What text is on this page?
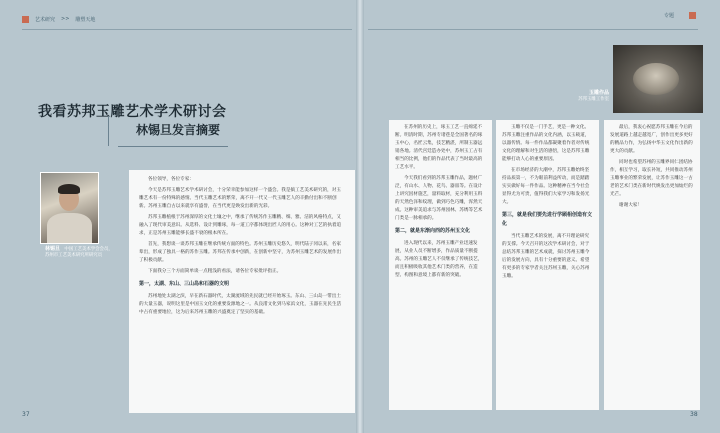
艺术研究 >> 雕塑天地
专题
我看苏邦玉雕艺术学术研讨会
林锡旦发言摘要
林锡旦 中国工艺美术学会会员，苏州市工艺美术研究所研究员

各位领导，各位专家：

今天是苏邦玉雕艺术学术研讨会，十分荣幸能参加这样一个盛会。我是搞工艺美术研究的，对玉雕艺术有一份特殊的感情。当代玉雕艺术的繁荣，离不开一代又一代玉雕艺人的辛勤付出和不断创新。苏州玉雕自古以来就享有盛誉，在当代更是焕发出新的光彩。

苏邦玉雕植根于苏州深厚的文化土壤之中，继承了传统苏作玉雕精、细、雅、洁的风格特点，又融入了现代审美意识。从选料、设计到雕琢，每一道工序都体现出匠人的用心。这种对工艺的执着追求，正是苏州玉雕能够长盛不衰的根本所在。

首先，我想谈一谈苏邦玉雕在继承传统方面的特色。苏州玉雕历史悠久，明代陆子冈以来，名家辈出，形成了独具一格的苏作玉雕。苏邦在传承中创新，在创新中坚守，为苏州玉雕艺术的发展作出了积极贡献。

下面我分三个方面简单谈一点粗浅的看法，请各位专家批评指正。

第一，太湖、东山、三山岛和石器的文明

苏州地处太湖之滨，早在新石器时代，太湖流域的先民就已经开始琢玉。东山、三山岛一带出土的大量玉器，说明这里是中国玉文化的重要发源地之一。从良渚文化到马家浜文化，玉器在先民生活中占有重要地位，这为后来苏州玉雕的兴盛奠定了坚实的基础。

在苏州的历史上，琢玉工艺一直绵延不断。明清时期，苏州专诸巷是全国著名的琢玉中心，名匠云集，技艺精湛，所制玉器远销各地。清代宫廷造办处中，苏州玉工占有相当的比例，他们的作品代表了当时最高的工艺水平。

今天我们看到的苏邦玉雕作品，题材广泛，有山水、人物、花鸟、器皿等。在设计上讲究因材施艺，量料取材，充分利用玉料的天然色泽和纹理，做到巧色巧雕，浑然天成。这种审美追求与苏州园林、苏绣等艺术门类是一脉相承的。

第二，就是东渐向西的苏州玉文化

进入现代以来，苏州玉雕产业迅速发展，从业人员不断增多，作品质量不断提高。苏州的玉雕艺人不仅继承了传统技艺，而且积极吸收其他艺术门类的营养，在造型、构图和意境上都有新的突破。

玉雕不仅是一门手艺，更是一种文化。苏邦玉雕注重作品的文化内涵，以玉载道，以器传情。每一件作品都凝聚着作者对传统文化的理解和对生活的感悟，这是苏邦玉雕能够打动人心的重要原因。

在市场经济的大潮中，苏邦玉雕始终坚持品质第一，不为眼前利益所动，而是踏踏实实做好每一件作品。这种精神在当今社会显得尤为可贵，值得我们大家学习和发扬光大。

第三，就是我们要先进行学顾相创造有文化

当代玉雕艺术的发展，离不开理论研究的支撑。今天召开的这次学术研讨会，对于总结苏邦玉雕的艺术成就，探讨苏州玉雕今后的发展方向，具有十分重要的意义。希望有更多的专家学者关注苏州玉雕，关心苏州玉雕。

玉雕作品
苏邦玉雕工作室

最后，我衷心祝愿苏邦玉雕在今后的发展道路上越走越宽广，创作出更多更好的精品力作，为弘扬中华玉文化作出新的更大的贡献。

同时也希望苏州的玉雕界同仁团结协作，相互学习，取长补短，共同推动苏州玉雕事业的繁荣发展，让苏作玉雕这一古老的艺术门类在新时代焕发出更加灿烂的光芒。

谢谢大家！

37	38
